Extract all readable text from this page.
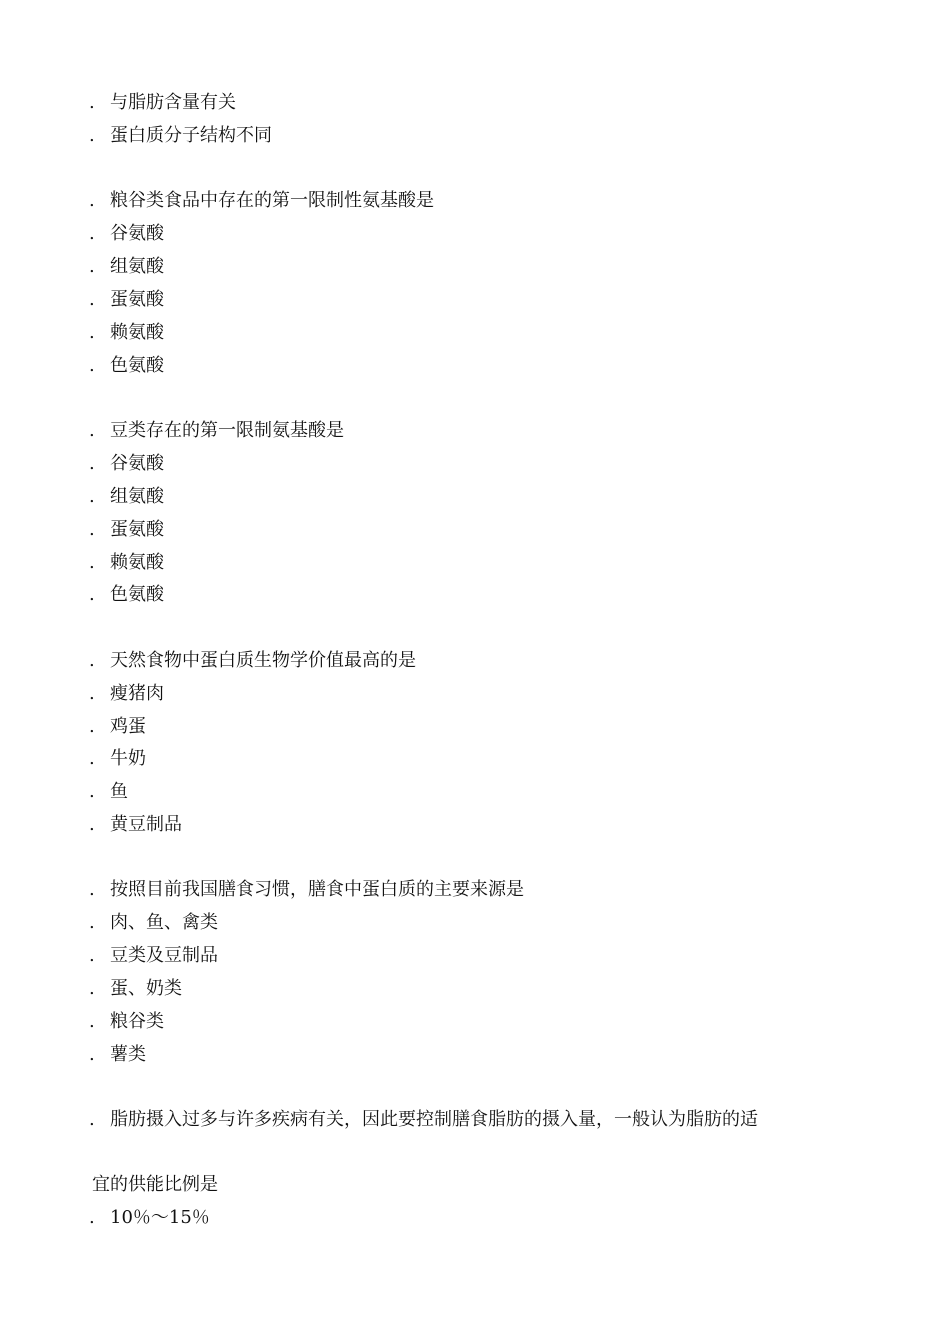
. 与脂肪含量有关
. 蛋白质分子结构不同
. 粮谷类食品中存在的第一限制性氨基酸是
. 谷氨酸
. 组氨酸
. 蛋氨酸
. 赖氨酸
. 色氨酸
. 豆类存在的第一限制氨基酸是
. 谷氨酸
. 组氨酸
. 蛋氨酸
. 赖氨酸
. 色氨酸
. 天然食物中蛋白质生物学价值最高的是
. 瘦猪肉
. 鸡蛋
. 牛奶
. 鱼
. 黄豆制品
. 按照目前我国膳食习惯，膳食中蛋白质的主要来源是
. 肉、鱼、禽类
. 豆类及豆制品
. 蛋、奶类
. 粮谷类
. 薯类
. 脂肪摄入过多与许多疾病有关，因此要控制膳食脂肪的摄入量，一般认为脂肪的适
宜的供能比例是
. 10％～15％
